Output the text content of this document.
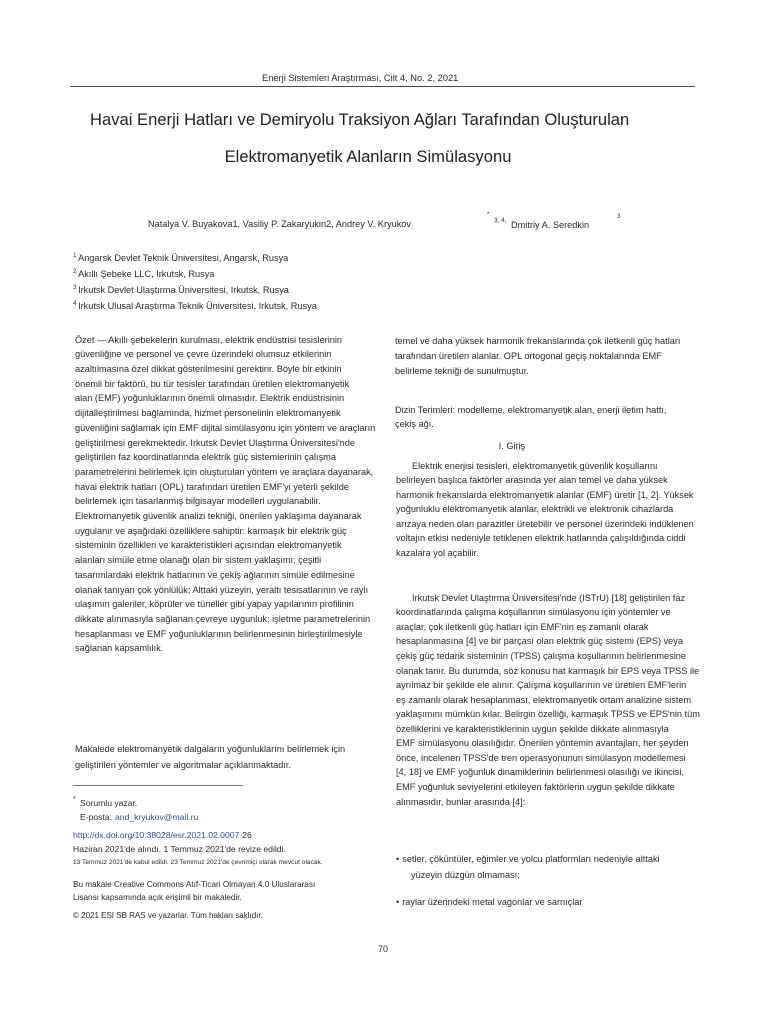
Enerji Sistemleri Araştırması, Cilt 4, No. 2, 2021
Havai Enerji Hatları ve Demiryolu Traksiyon Ağları Tarafından Oluşturulan
Elektromanyetik Alanların Simülasyonu
Natalya V. Buyakova1, Vasiliy P. Zakaryukin2, Andrey V. Kryukov
*
3, 4, Dmitriy A. Seredkin
3
$^1$ Angarsk Devlet Teknik Üniversitesi, Angarsk, Rusya
$^2$ Akıllı Şebeke LLC, Irkutsk, Rusya
$^3$ Irkutsk Devlet Ulaştırma Üniversitesi, Irkutsk, Rusya
$^4$ Irkutsk Ulusal Araştırma Teknik Üniversitesi, Irkutsk, Rusya
Özet — Akıllı şebekelerin kurulması, elektrik endüstrisi tesislerinin
güvenliğine ve personel ve çevre üzerindeki olumsuz etkilerinin
azaltılmasına özel dikkat gösterilmesini gerektirir. Böyle bir etkinin
önemli bir faktörü, bu tür tesisler tarafından üretilen elektromanyetik
alan (EMF) yoğunluklarının önemli olmasıdır. Elektrik endüstrisinin
dijitalleştirilmesi bağlamında, hizmet personelinin elektromanyetik
güvenliğini sağlamak için EMF dijital simülasyonu için yöntem ve araçların
geliştirilmesi gerekmektedir. Irkutsk Devlet Ulaştırma Üniversitesi'nde
geliştirilen faz koordinatlarında elektrik güç sistemlerinin çalışma
parametrelerini belirlemek için oluşturulan yöntem ve araçlara dayanarak,
havai elektrik hatları (OPL) tarafından üretilen EMF'yi yeterli şekilde
belirlemek için tasarlanmış bilgisayar modelleri uygulanabilir.
Elektromanyetik güvenlik analizi tekniği, önerilen yaklaşıma dayanarak
uygulanır ve aşağıdaki özelliklere sahiptir: karmaşık bir elektrik güç
sisteminin özellikleri ve karakteristikleri açısından elektromanyetik
alanları simüle etme olanağı olan bir sistem yaklaşımı; çeşitli
tasarımlardaki elektrik hatlarının ve çekiş ağlarının simüle edilmesine
olanak tanıyan çok yönlülük; Alttaki yüzeyin, yeraltı tesisatlarının ve raylı
ulaşımın galeriler, köprüler ve tüneller gibi yapay yapılarının profilinin
dikkate alınmasıyla sağlanan çevreye uygunluk; işletme parametrelerinin
hesaplanması ve EMF yoğunluklarının belirlenmesinin birleştirilmesiyle
sağlanan kapsamlılık.
Makalede elektromanyetik dalgaların yoğunluklarını belirlemek için
geliştirilen yöntemler ve algoritmalar açıklanmaktadır.
* Sorumlu yazar.
E-posta: and_kryukov@mail.ru
http://dx.doi.org/10.38028/esr.2021.02.0007 26
Haziran 2021'de alındı. 1 Temmuz 2021'de revize edildi.
13 Temmuz 2021'de kabul edildi. 23 Temmuz 2021'de çevrimiçi olarak mevcut olacak.
Bu makale Creative Commons Atıf-Ticari Olmayan 4.0 Uluslararası
Lisansı kapsamında açık erişimli bir makaledir.
© 2021 ESI SB RAS ve yazarlar. Tüm hakları saklıdır.
temel ve daha yüksek harmonik frekanslarında çok iletkenli güç hatları
tarafından üretilen alanlar. OPL ortogonal geçiş noktalarında EMF
belirleme tekniği de sunulmuştur.
Dizin Terimleri: modelleme, elektromanyetik alan, enerji iletim hattı,
çekiş ağı.
I. Giriş
Elektrik enerjisi tesisleri, elektromanyetik güvenlik koşullarını
belirleyen başlıca faktörler arasında yer alan temel ve daha yüksek
harmonik frekanslarda elektromanyetik alanlar (EMF) üretir [1, 2]. Yüksek
yoğunluklu elektromanyetik alanlar, elektrikli ve elektronik cihazlarda
arızaya neden olan parazitler üretebilir ve personel üzerindeki indüklenen
voltajın etkisi nedeniyle tetiklenen elektrik hatlarında çalışıldığında ciddi
kazalara yol açabilir.
Irkutsk Devlet Ulaştırma Üniversitesi'nde (ISTrU) [18] geliştirilen faz
koordinatlarında çalışma koşullarının simülasyonu için yöntemler ve
araçlar, çok iletkenli güç hatları için EMF'nin eş zamanlı olarak
hesaplanmasına [4] ve bir parçası olan elektrik güç sistemi (EPS) veya
çekiş güç tedarik sisteminin (TPSS) çalışma koşullarının belirlenmesine
olanak tanır. Bu durumda, söz konusu hat karmaşık bir EPS veya TPSS ile
ayrılmaz bir şekilde ele alınır. Çalışma koşullarının ve üretilen EMF'lerin
eş zamanlı olarak hesaplanması, elektromanyetik ortam analizine sistem
yaklaşımını mümkün kılar. Belirgin özelliği, karmaşık TPSS ve EPS'nin tüm
özelliklerini ve karakteristiklerinin uygun şekilde dikkate alınmasıyla
EMF simülasyonu olasılığıdır. Önerilen yöntemin avantajları, her şeyden
önce, incelenen TPSS'de tren operasyonunun simülasyon modellemesi
[4, 18] ve EMF yoğunluk dinamiklerinin belirlenmesi olasılığı ve ikincisi,
EMF yoğunluk seviyelerini etkileyen faktörlerin uygun şekilde dikkate
alınmasıdır, bunlar arasında [4]:
• setler, çöküntüler, eğimler ve yolcu platformları nedeniyle alttaki
yüzeyin düzgün olmaması;
• raylar üzerindeki metal vagonlar ve sarnıçlar
70
